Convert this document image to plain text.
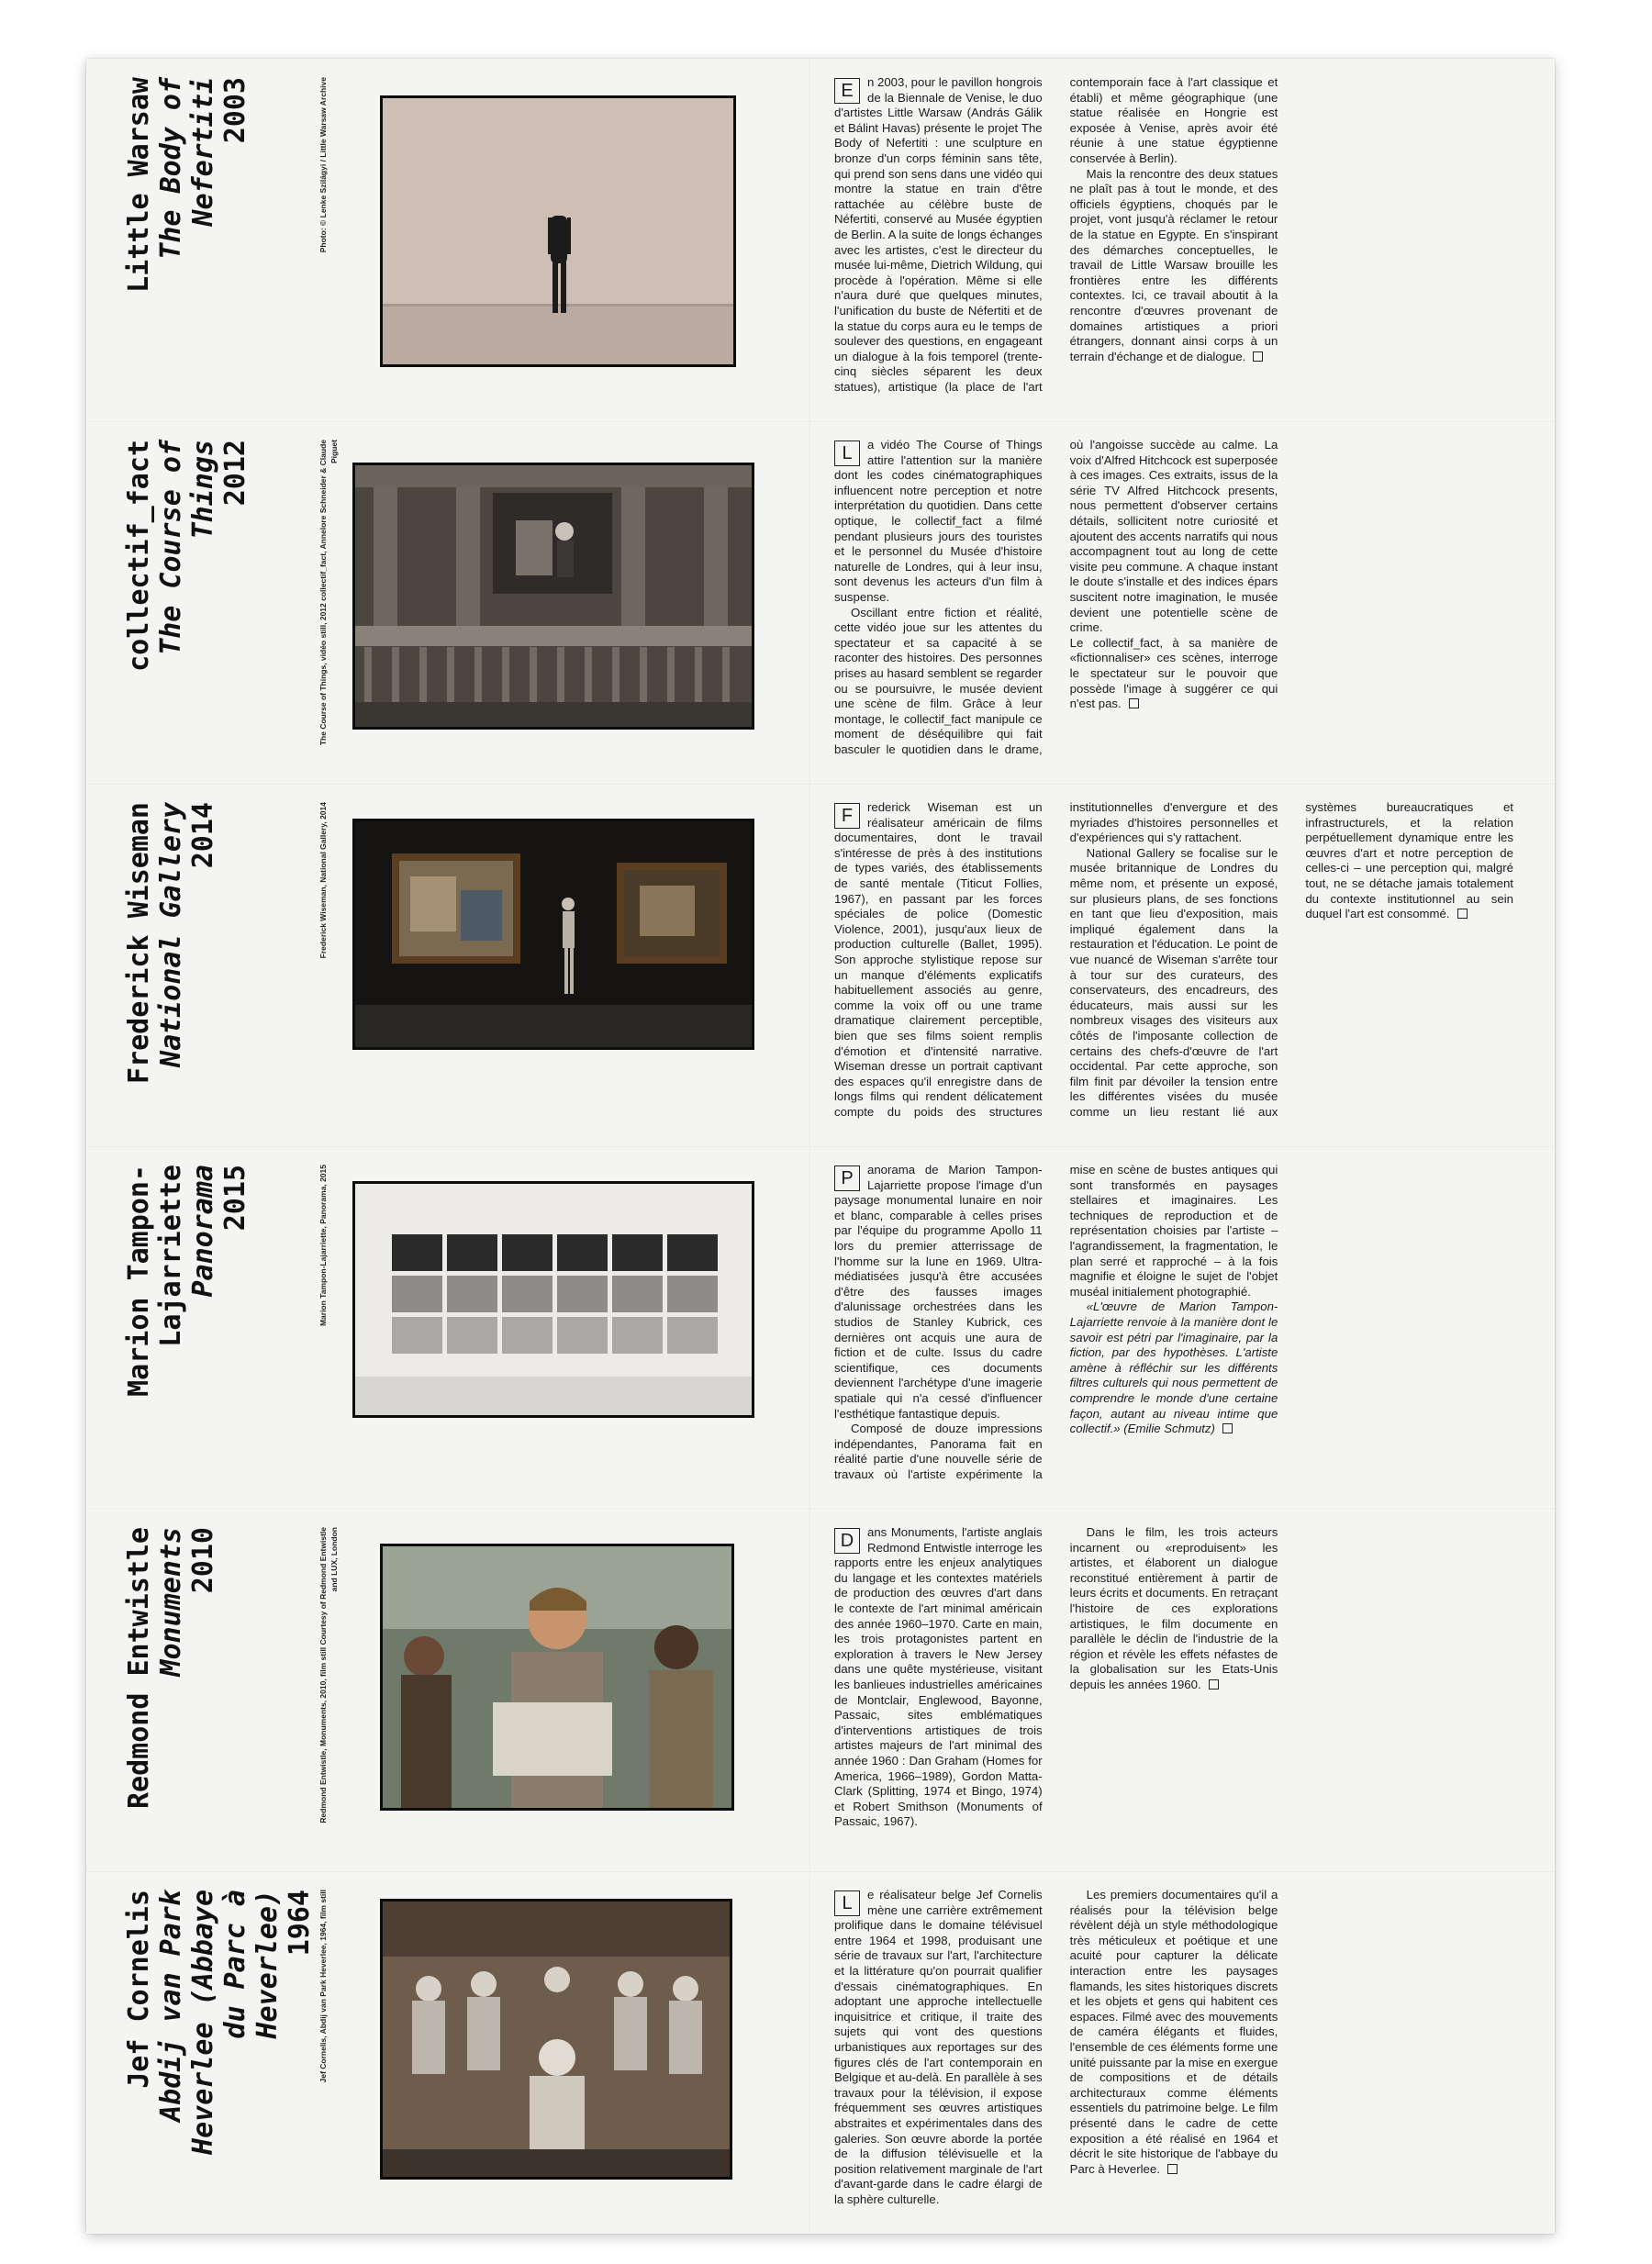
Little Warsaw The Body of Nefertiti 2003	Photo: © Lenke Szilágyi / Little Warsaw Archive	E	n 2003, pour le pavillon hongrois de la Biennale de Venise, le duo d'artistes Little Warsaw (András Gálik et Bálint Havas) présente le projet The Body of Nefertiti : une sculpture en bronze d'un corps féminin sans tête, qui prend son sens dans une vidéo qui montre la statue en train d'être rattachée au célèbre buste de Néfertiti, conservé au Musée égyptien de Berlin. A la suite de longs échanges avec les artistes, c'est le directeur du musée lui-même, Dietrich Wildung, qui procède à l'opération. Même si elle n'aura duré que quelques minutes, l'unification du buste de Néfertiti et de la statue du corps aura eu le temps de soulever des questions, en engageant un dialogue à la fois temporel (trente-cinq siècles séparent les deux statues), artistique (la place de l'art contemporain face à l'art classique et établi) et même géographique (une statue réalisée en Hongrie est exposée à Venise, après avoir été réunie à une statue égyptienne conservée à Berlin).

Mais la rencontre des deux statues ne plaît pas à tout le monde, et des officiels égyptiens, choqués par le projet, vont jusqu'à réclamer le retour de la statue en Egypte. En s'inspirant des démarches conceptuelles, le travail de Little Warsaw brouille les frontières entre les différents contextes. Ici, ce travail aboutit à la rencontre d'œuvres provenant de domaines artistiques a priori étrangers, donnant ainsi corps à un terrain d'échange et de dialogue.

collectif_fact The Course of Things 2012	The Course of Things, vidéo still, 2012 collectif_fact, Annelore Schneider & Claude Piguet	L	a vidéo The Course of Things attire l'attention sur la manière dont les codes cinématographiques influencent notre perception et notre interprétation du quotidien. Dans cette optique, le collectif_fact a filmé pendant plusieurs jours des touristes et le personnel du Musée d'histoire naturelle de Londres, qui à leur insu, sont devenus les acteurs d'un film à suspense.

Oscillant entre fiction et réalité, cette vidéo joue sur les attentes du spectateur et sa capacité à se raconter des histoires. Des personnes prises au hasard semblent se regarder ou se poursuivre, le musée devient une scène de film. Grâce à leur montage, le collectif_fact manipule ce moment de déséquilibre qui fait basculer le quotidien dans le drame, où l'angoisse succède au calme. La voix d'Alfred Hitchcock est superposée à ces images. Ces extraits, issus de la série TV Alfred Hitchcock presents, nous permettent d'observer certains détails, sollicitent notre curiosité et ajoutent des accents narratifs qui nous accompagnent tout au long de cette visite peu commune. A chaque instant le doute s'installe et des indices épars suscitent notre imagination, le musée devient une potentielle scène de crime.

Le collectif_fact, à sa manière de «fictionnaliser» ces scènes, interroge le spectateur sur le pouvoir que possède l'image à suggérer ce qui n'est pas.

Frederick Wiseman National Gallery 2014	Frederick Wiseman, National Gallery, 2014	F	rederick Wiseman est un réalisateur américain de films documentaires, dont le travail s'intéresse de près à des institutions de types variés, des établissements de santé mentale (Titicut Follies, 1967), en passant par les forces spéciales de police (Domestic Violence, 2001), jusqu'aux lieux de production culturelle (Ballet, 1995). Son approche stylistique repose sur un manque d'éléments explicatifs habituellement associés au genre, comme la voix off ou une trame dramatique clairement perceptible, bien que ses films soient remplis d'émotion et d'intensité narrative. Wiseman dresse un portrait captivant des espaces qu'il enregistre dans de longs films qui rendent délicatement compte du poids des structures institutionnelles d'envergure et des myriades d'histoires personnelles et d'expériences qui s'y rattachent.

National Gallery se focalise sur le musée britannique de Londres du même nom, et présente un exposé, sur plusieurs plans, de ses fonctions en tant que lieu d'exposition, mais impliqué également dans la restauration et l'éducation. Le point de vue nuancé de Wiseman s'arrête tour à tour sur des curateurs, des conservateurs, des encadreurs, des éducateurs, mais aussi sur les nombreux visages des visiteurs aux côtés de l'imposante collection de certains des chefs-d'œuvre de l'art occidental. Par cette approche, son film finit par dévoiler la tension entre les différentes visées du musée comme un lieu restant lié aux systèmes bureaucratiques et infrastructurels, et la relation perpétuellement dynamique entre les œuvres d'art et notre perception de celles-ci – une perception qui, malgré tout, ne se détache jamais totalement du contexte institutionnel au sein duquel l'art est consommé.

Marion Tampon-Lajarriette Panorama 2015	Marion Tampon-Lajarriette, Panorama, 2015	P	anorama de Marion Tampon-Lajarriette propose l'image d'un paysage monumental lunaire en noir et blanc, comparable à celles prises par l'équipe du programme Apollo 11 lors du premier atterrissage de l'homme sur la lune en 1969. Ultra-médiatisées jusqu'à être accusées d'être des fausses images d'alunissage orchestrées dans les studios de Stanley Kubrick, ces dernières ont acquis une aura de fiction et de culte. Issus du cadre scientifique, ces documents deviennent l'archétype d'une imagerie spatiale qui n'a cessé d'influencer l'esthétique fantastique depuis.

Composé de douze impressions indépendantes, Panorama fait en réalité partie d'une nouvelle série de travaux où l'artiste expérimente la mise en scène de bustes antiques qui sont transformés en paysages stellaires et imaginaires. Les techniques de reproduction et de représentation choisies par l'artiste – l'agrandissement, la fragmentation, le plan serré et rapproché – à la fois magnifie et éloigne le sujet de l'objet muséal initialement photographié.

«L'œuvre de Marion Tampon-Lajarriette renvoie à la manière dont le savoir est pétri par l'imaginaire, par la fiction, par des hypothèses. L'artiste amène à réfléchir sur les différents filtres culturels qui nous permettent de comprendre le monde d'une certaine façon, autant au niveau intime que collectif.» (Emilie Schmutz)

Redmond Entwistle Monuments 2010	Redmond Entwistle, Monuments, 2010, film still Courtesy of Redmond Entwistle and LUX, London	D	ans Monuments, l'artiste anglais Redmond Entwistle interroge les rapports entre les enjeux analytiques du langage et les contextes matériels de production des œuvres d'art dans le contexte de l'art minimal américain des année 1960–1970. Carte en main, les trois protagonistes partent en exploration à travers le New Jersey dans une quête mystérieuse, visitant les banlieues industrielles américaines de Montclair, Englewood, Bayonne, Passaic, sites emblématiques d'interventions artistiques de trois artistes majeurs de l'art minimal des année 1960 : Dan Graham (Homes for America, 1966–1989), Gordon Matta-Clark (Splitting, 1974 et Bingo, 1974) et Robert Smithson (Monuments of Passaic, 1967).

Dans le film, les trois acteurs incarnent ou «reproduisent» les artistes, et élaborent un dialogue reconstitué entièrement à partir de leurs écrits et documents. En retraçant l'histoire de ces explorations artistiques, le film documente en parallèle le déclin de l'industrie de la région et révèle les effets néfastes de la globalisation sur les Etats-Unis depuis les années 1960.

Jef Cornelis Abdij van Park Heverlee (Abbaye du Parc à Heverlee) 1964 Jef Cornelis, Abdij van Park Heverlee, 1964, film still	L	e réalisateur belge Jef Cornelis mène une carrière extrêmement prolifique dans le domaine télévisuel entre 1964 et 1998, produisant une série de travaux sur l'art, l'architecture et la littérature qu'on pourrait qualifier d'essais cinématographiques. En adoptant une approche intellectuelle inquisitrice et critique, il traite des sujets qui vont des questions urbanistiques aux reportages sur des figures clés de l'art contemporain en Belgique et au-delà. En parallèle à ses travaux pour la télévision, il expose fréquemment ses œuvres artistiques abstraites et expérimentales dans des galeries. Son œuvre aborde la portée de la diffusion télévisuelle et la position relativement marginale de l'art d'avant-garde dans le cadre élargi de la sphère culturelle.

Les premiers documentaires qu'il a réalisés pour la télévision belge révèlent déjà un style méthodologique très méticuleux et poétique et une acuité pour capturer la délicate interaction entre les paysages flamands, les sites historiques discrets et les objets et gens qui habitent ces espaces. Filmé avec des mouvements de caméra élégants et fluides, l'ensemble de ces éléments forme une unité puissante par la mise en exergue de compositions et de détails architecturaux comme éléments essentiels du patrimoine belge. Le film présenté dans le cadre de cette exposition a été réalisé en 1964 et décrit le site historique de l'abbaye du Parc à Heverlee.
